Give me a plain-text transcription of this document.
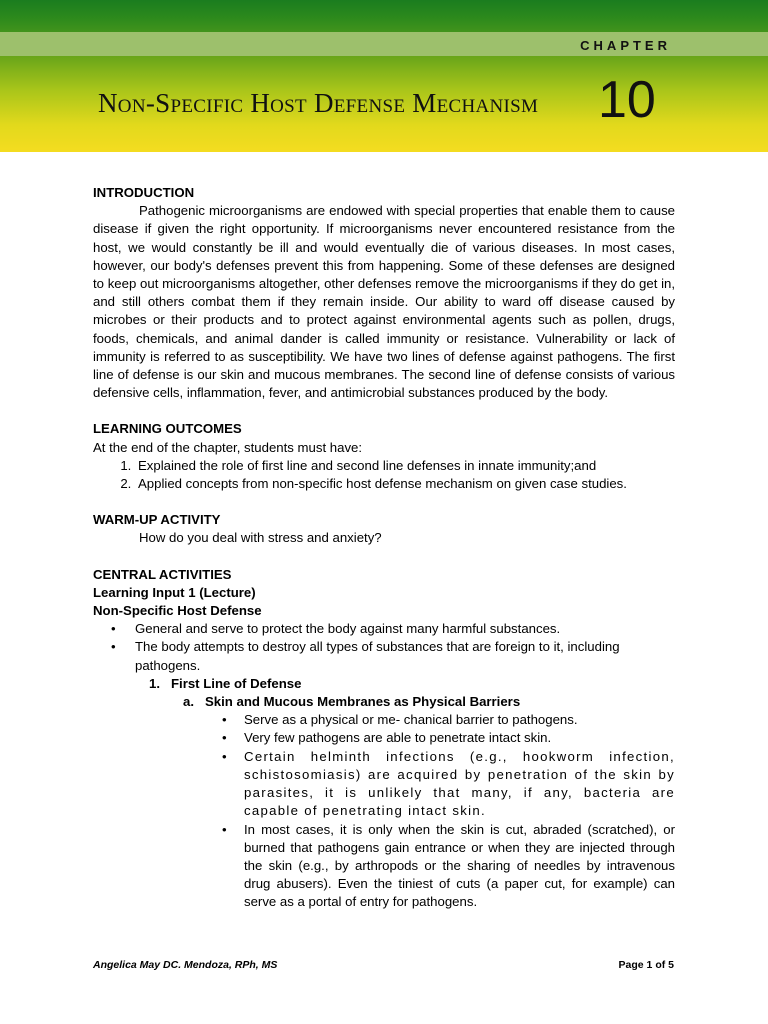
CHAPTER
Non-Specific Host Defense Mechanism 10

INTRODUCTION

Pathogenic microorganisms are endowed with special properties that enable them to cause disease if given the right opportunity. If microorganisms never encountered resistance from the host, we would constantly be ill and would eventually die of various diseases. In most cases, however, our body's defenses prevent this from happening. Some of these defenses are designed to keep out microorganisms altogether, other defenses remove the microorganisms if they do get in, and still others combat them if they remain inside. Our ability to ward off disease caused by microbes or their products and to protect against environmental agents such as pollen, drugs, foods, chemicals, and animal dander is called immunity or resistance. Vulnerability or lack of immunity is referred to as susceptibility. We have two lines of defense against pathogens. The first line of defense is our skin and mucous membranes. The second line of defense consists of various defensive cells, inflammation, fever, and antimicrobial substances produced by the body.

LEARNING OUTCOMES

At the end of the chapter, students must have:

1. Explained the role of first line and second line defenses in innate immunity;and
2. Applied concepts from non-specific host defense mechanism on given case studies.

WARM-UP ACTIVITY

How do you deal with stress and anxiety?

CENTRAL ACTIVITIES

Learning Input 1 (Lecture)

Non-Specific Host Defense

• General and serve to protect the body against many harmful substances.
• The body attempts to destroy all types of substances that are foreign to it, including pathogens.

1.   First Line of Defense

a.   Skin and Mucous Membranes as Physical Barriers

• Serve as a physical or me- chanical barrier to pathogens.
• Very few pathogens are able to penetrate intact skin.
• Certain helminth infections (e.g., hookworm infection, schistosomiasis) are acquired by penetration of the skin by parasites, it is unlikely that many, if any, bacteria are capable of penetrating intact skin.
• In most cases, it is only when the skin is cut, abraded (scratched), or burned that pathogens gain entrance or when they are injected through the skin (e.g., by arthropods or the sharing of needles by intravenous drug abusers). Even the tiniest of cuts (a paper cut, for example) can serve as a portal of entry for pathogens.
Angelica May DC. Mendoza, RPh, MS	Page 1 of 5
